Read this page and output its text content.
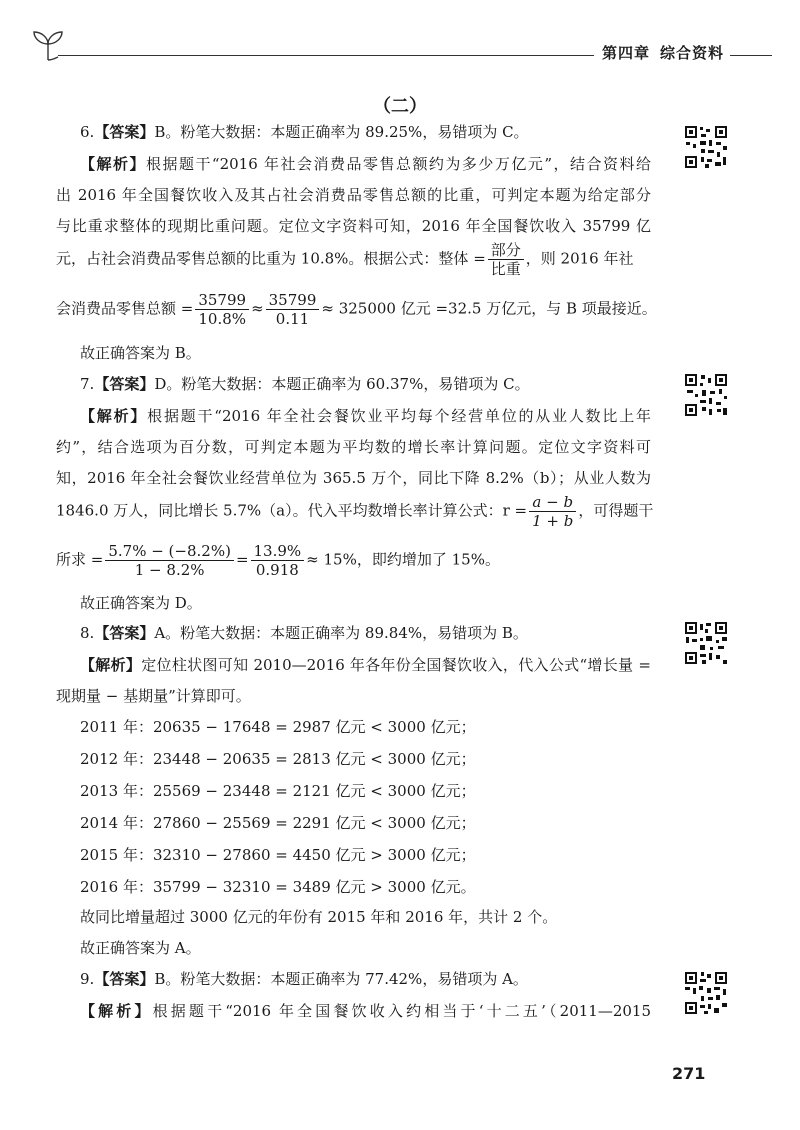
第四章 综合资料
（二）
6.【答案】B。粉笔大数据：本题正确率为 89.25%，易错项为 C。
【解析】根据题干“2016 年社会消费品零售总额约为多少万亿元”，结合资料给
出 2016 年全国餐饮收入及其占社会消费品零售总额的比重，可判定本题为给定部分
与比重求整体的现期比重问题。定位文字资料可知，2016 年全国餐饮收入 35799 亿
元，占社会消费品零售总额的比重为 10.8%。根据公式：整体 = $\frac{\text{部分}}{\text{比重}}$ ，则 2016 年社
会消费品零售总额 = $\frac{35799}{10.8\%} \approx \frac{35799}{0.11} \approx 325000$ 亿元 =32.5 万亿元，与 B 项最接近。
故正确答案为 B。
7.【答案】D。粉笔大数据：本题正确率为 60.37%，易错项为 C。
【解析】根据题干“2016 年全社会餐饮业平均每个经营单位的从业人数比上年
约”，结合选项为百分数，可判定本题为平均数的增长率计算问题。定位文字资料可
知，2016 年全社会餐饮业经营单位为 365.5 万个，同比下降 8.2%（b）；从业人数为
1846.0 万人，同比增长 5.7%（a）。代入平均数增长率计算公式：$r = \frac{a - b}{1 + b}$ ，可得题干
所求 = $\frac{5.7\% - (-8.2\%)}{1 - 8.2\%} = \frac{13.9\%}{0.918} \approx 15\%$，即约增加了 15%。
故正确答案为 D。
8.【答案】A。粉笔大数据：本题正确率为 89.84%，易错项为 B。
【解析】定位柱状图可知 2010—2016 年各年份全国餐饮收入，代入公式“增长量 =
现期量 − 基期量”计算即可。
2011 年：20635 − 17648 = 2987 亿元 < 3000 亿元；
2012 年：23448 − 20635 = 2813 亿元 < 3000 亿元；
2013 年：25569 − 23448 = 2121 亿元 < 3000 亿元；
2014 年：27860 − 25569 = 2291 亿元 < 3000 亿元；
2015 年：32310 − 27860 = 4450 亿元 > 3000 亿元；
2016 年：35799 − 32310 = 3489 亿元 > 3000 亿元。
故同比增量超过 3000 亿元的年份有 2015 年和 2016 年，共计 2 个。
故正确答案为 A。
9.【答案】B。粉笔大数据：本题正确率为 77.42%，易错项为 A。
【解析】根据题干“2016 年全国餐饮收入约相当于‘十二五’（2011—2015
271
